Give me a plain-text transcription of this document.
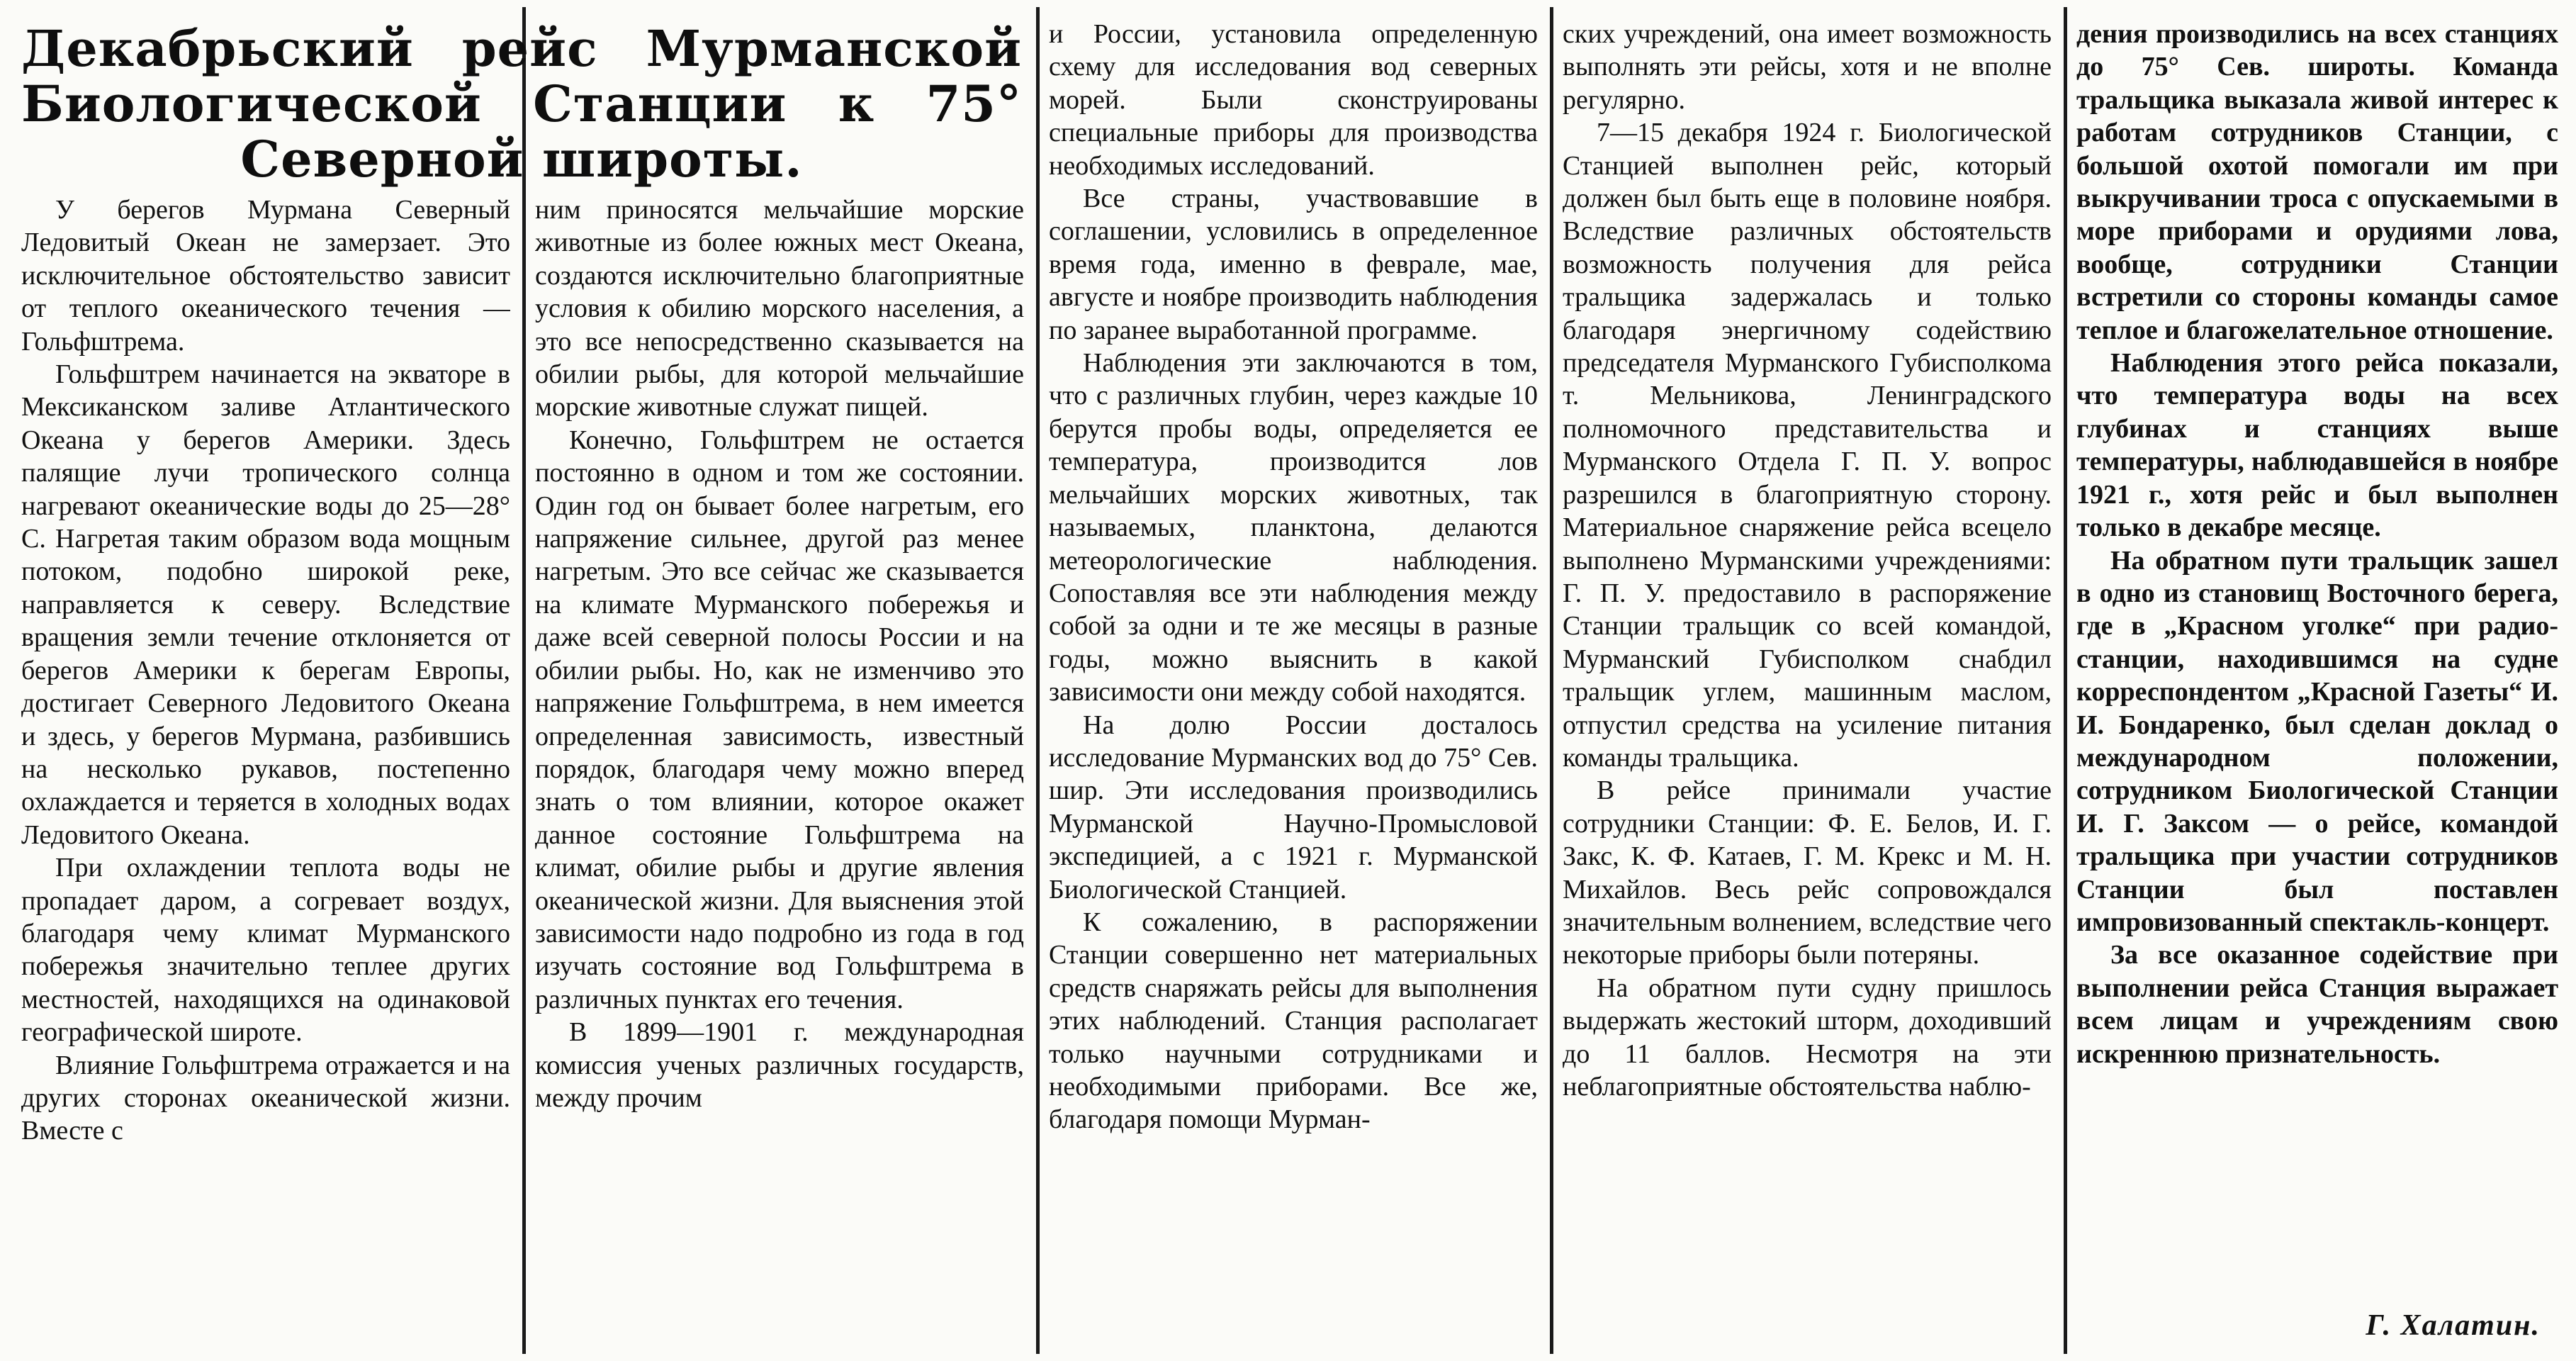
Декабрьский рейс Мурманской Биологической Станции к 75° Северной широты.

У берегов Мурмана Северный Ледовитый Океан не замерзает. Это исключительное обстоятельство зависит от теплого океанического течения — Гольфштрема.

Гольфштрем начинается на экваторе в Мексиканском заливе Атлантического Океана у берегов Америки. Здесь палящие лучи тропического солнца нагревают океанические воды до 25—28° С. Нагретая таким образом вода мощным потоком, подобно широкой реке, направляется к северу. Вследствие вращения земли течение отклоняется от берегов Америки к берегам Европы, достигает Северного Ледовитого Океана и здесь, у берегов Мурмана, разбившись на несколько рукавов, постепенно охлаждается и теряется в холодных водах Ледовитого Океана.

При охлаждении теплота воды не пропадает даром, а согревает воздух, благодаря чему климат Мурманского побережья значительно теплее других местностей, находящихся на одинаковой географической широте.

Влияние Гольфштрема отражается и на других сторонах океанической жизни. Вместе с

ним приносятся мельчайшие морские животные из более южных мест Океана, создаются исключительно благоприятные условия к обилию морского населения, а это все непосредственно сказывается на обилии рыбы, для которой мельчайшие морские животные служат пищей.

Конечно, Гольфштрем не остается постоянно в одном и том же состоянии. Один год он бывает более нагретым, его напряжение сильнее, другой раз менее нагретым. Это все сейчас же сказывается на климате Мурманского побережья и даже всей северной полосы России и на обилии рыбы. Но, как не изменчиво это напряжение Гольфштрема, в нем имеется определенная зависимость, известный порядок, благодаря чему можно вперед знать о том влиянии, которое окажет данное состояние Гольфштрема на климат, обилие рыбы и другие явления океанической жизни. Для выяснения этой зависимости надо подробно из года в год изучать состояние вод Гольфштрема в различных пунктах его течения.

В 1899—1901 г. международная комиссия ученых различных государств, между прочим

и России, установила определенную схему для исследования вод северных морей. Были сконструированы специальные приборы для производства необходимых исследований.

Все страны, участвовавшие в соглашении, условились в определенное время года, именно в феврале, мае, августе и ноябре производить наблюдения по заранее выработанной программе.

Наблюдения эти заключаются в том, что с различных глубин, через каждые 10 берутся пробы воды, определяется ее температура, производится лов мельчайших морских животных, так называемых, планктона, делаются метеорологические наблюдения. Сопоставляя все эти наблюдения между собой за одни и те же месяцы в разные годы, можно выяснить в какой зависимости они между собой находятся.

На долю России досталось исследование Мурманских вод до 75° Сев. шир. Эти исследования производились Мурманской Научно-Промысловой экспедицией, а с 1921 г. Мурманской Биологической Станцией.

К сожалению, в распоряжении Станции совершенно нет материальных средств снаряжать рейсы для выполнения этих наблюдений. Станция располагает только научными сотрудниками и необходимыми приборами. Все же, благодаря помощи Мурман-

ских учреждений, она имеет возможность выполнять эти рейсы, хотя и не вполне регулярно.

7—15 декабря 1924 г. Биологической Станцией выполнен рейс, который должен был быть еще в половине ноября. Вследствие различных обстоятельств возможность получения для рейса тральщика задержалась и только благодаря энергичному содействию председателя Мурманского Губисполкома т. Мельникова, Ленинградского полномочного представительства и Мурманского Отдела Г. П. У. вопрос разрешился в благоприятную сторону. Материальное снаряжение рейса всецело выполнено Мурманскими учреждениями: Г. П. У. предоставило в распоряжение Станции тральщик со всей командой, Мурманский Губисполком снабдил тральщик углем, машинным маслом, отпустил средства на усиление питания команды тральщика.

В рейсе принимали участие сотрудники Станции: Ф. Е. Белов, И. Г. Закс, К. Ф. Катаев, Г. М. Крекс и М. Н. Михайлов. Весь рейс сопровождался значительным волнением, вследствие чего некоторые приборы были потеряны.

На обратном пути судну пришлось выдержать жестокий шторм, доходивший до 11 баллов. Несмотря на эти неблагоприятные обстоятельства наблю-

дения производились на всех станциях до 75° Сев. широты. Команда тральщика выказала живой интерес к работам сотрудников Станции, с большой охотой помогали им при выкручивании троса с опускаемыми в море приборами и орудиями лова, вообще, сотрудники Станции встретили со стороны команды самое теплое и благожелательное отношение.

Наблюдения этого рейса показали, что температура воды на всех глубинах и станциях выше температуры, наблюдавшейся в ноябре 1921 г., хотя рейс и был выполнен только в декабре месяце.

На обратном пути тральщик зашел в одно из становищ Восточного берега, где в „Красном уголке“ при радио-станции, находившимся на судне корреспондентом „Красной Газеты“ И. И. Бондаренко, был сделан доклад о международном положении, сотрудником Биологической Станции И. Г. Заксом — о рейсе, командой тральщика при участии сотрудников Станции был поставлен импровизованный спектакль-концерт.

За все оказанное содействие при выполнении рейса Станция выражает всем лицам и учреждениям свою искреннюю признательность.

Г. Халатин.
